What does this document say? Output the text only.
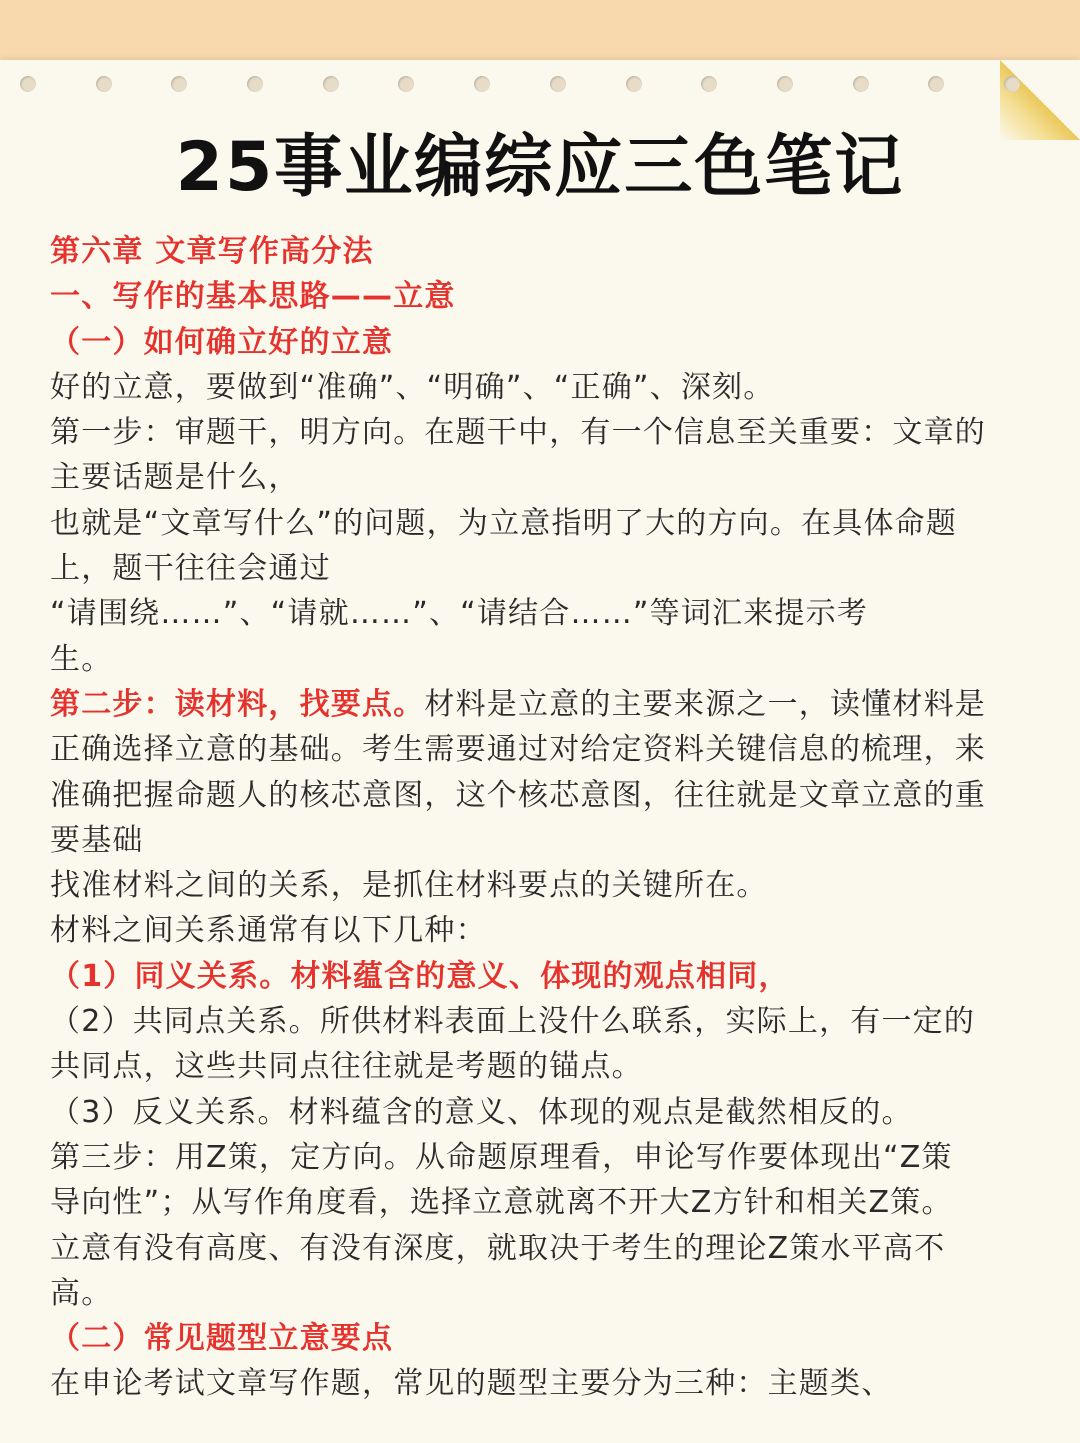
25事业编综应三色笔记
第六章 文章写作高分法
一、写作的基本思路——立意
（一）如何确立好的立意
好的立意，要做到“准确”、“明确”、“正确”、深刻。
第一步：审题干，明方向。在题干中，有一个信息至关重要：文章的
主要话题是什么，
也就是“文章写什么”的问题，为立意指明了大的方向。在具体命题
上，题干往往会通过
“请围绕……”、“请就……”、“请结合……”等词汇来提示考
生。
第二步：读材料，找要点。材料是立意的主要来源之一，读懂材料是
正确选择立意的基础。考生需要通过对给定资料关键信息的梳理，来
准确把握命题人的核芯意图，这个核芯意图，往往就是文章立意的重
要基础
找准材料之间的关系，是抓住材料要点的关键所在。
材料之间关系通常有以下几种：
（1）同义关系。材料蕴含的意义、体现的观点相同，
（2）共同点关系。所供材料表面上没什么联系，实际上，有一定的
共同点，这些共同点往往就是考题的锚点。
（3）反义关系。材料蕴含的意义、体现的观点是截然相反的。
第三步：用Z策，定方向。从命题原理看，申论写作要体现出“Z策
导向性”；从写作角度看，选择立意就离不开大Z方针和相关Z策。
立意有没有高度、有没有深度，就取决于考生的理论Z策水平高不
高。
（二）常见题型立意要点
在申论考试文章写作题，常见的题型主要分为三种：主题类、
